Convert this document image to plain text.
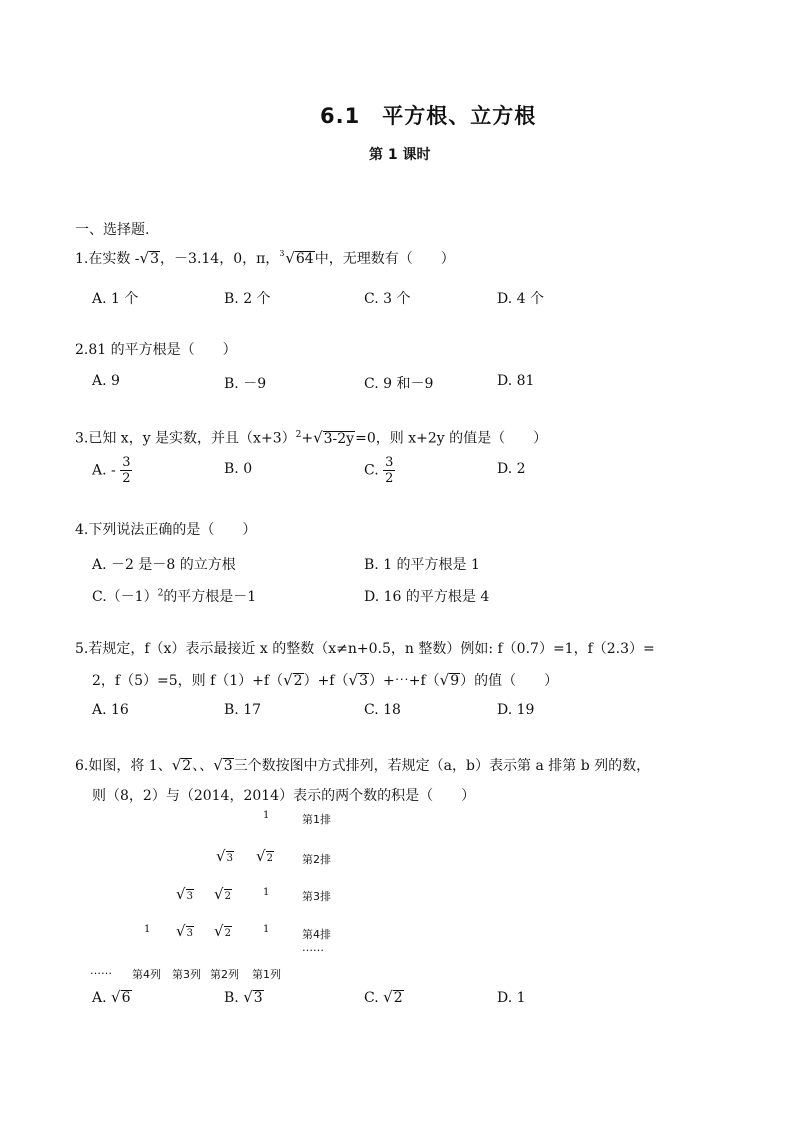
6.1　平方根、立方根
第 1 课时
一、选择题.
1.在实数 -√3，－3.14，0，π， 3 √64中，无理数有（　　）
A. 1 个	B. 2 个	C. 3 个	D. 4 个
2.81 的平方根是（　　）
A. 9	B. －9	C. 9 和－9	D. 81
3.已知 x，y 是实数，并且$(x+3)^2+√3-2y=0$，则 x+2y 的值是（　　）
A. - $\frac{3}{2}$	B. 0	C. $\frac{3}{2}$	D. 2
4.下列说法正确的是（　　）
A. －2 是－8 的立方根	B. 1 的平方根是 1
$C.(-1)^2$的平方根是－1	D. 16 的平方根是 4
5.若规定，f（x）表示最接近 x 的整数（x≠n+0.5，n 整数）例如: f（0.7）=1，f（2.3）=
2，f（5）=5，则 f（1）+f（√2）+f（√3）+⋯+f（√9）的值（　　）
A. 16	B. 17	C. 18	D. 19
6.如图，将 1、√2、、√3三个数按图中方式排列，若规定（a，b）表示第 a 排第 b 列的数，
则（8，2）与（2014，2014）表示的两个数的积是（　　）
1	第1排
√3 √2	第2排
√3 √2	1	第3排
1 √3 √2	1	第4排
……
…… 第4列 第3列 第2列 第1列
A. √6	B. √3	C. √2	D. 1
